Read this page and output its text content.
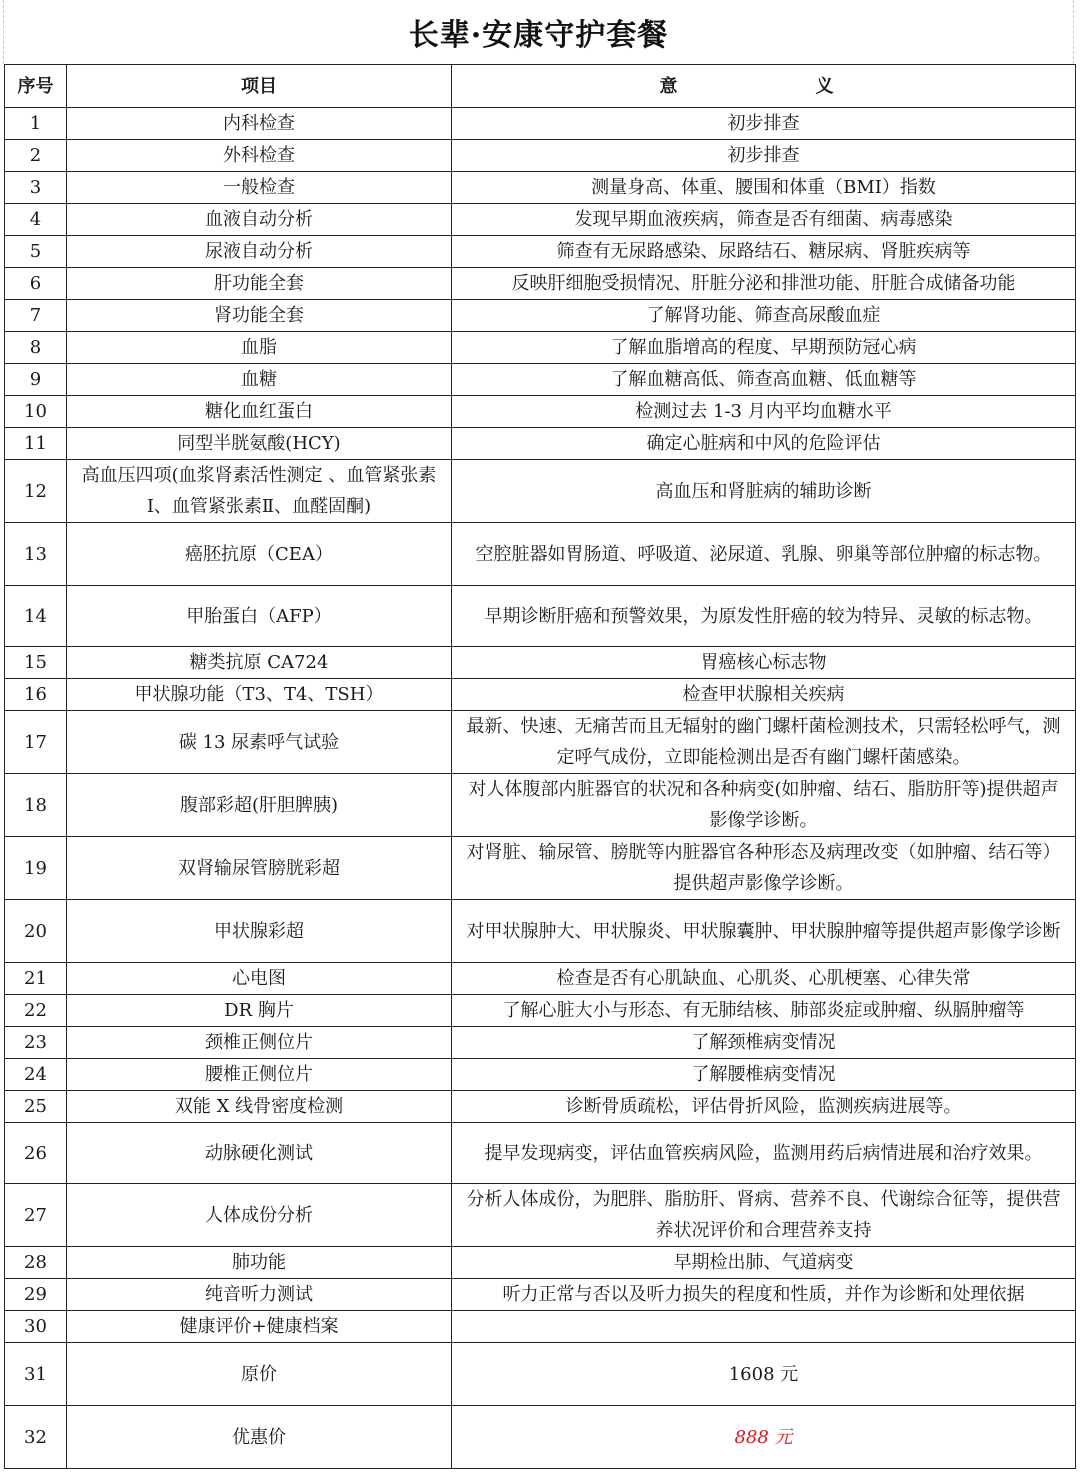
长辈·安康守护套餐
序号	项目	意　　义
1	内科检查	初步排查
2	外科检查	初步排查
3	一般检查	测量身高、体重、腰围和体重（BMI）指数
4	血液自动分析	发现早期血液疾病，筛查是否有细菌、病毒感染
5	尿液自动分析	筛查有无尿路感染、尿路结石、糖尿病、肾脏疾病等
6	肝功能全套	反映肝细胞受损情况、肝脏分泌和排泄功能、肝脏合成储备功能
7	肾功能全套	了解肾功能、筛查高尿酸血症
8	血脂	了解血脂增高的程度、早期预防冠心病
9	血糖	了解血糖高低、筛查高血糖、低血糖等
10	糖化血红蛋白	检测过去 1-3 月内平均血糖水平
11	同型半胱氨酸(HCY)	确定心脏病和中风的危险评估
12	高血压四项(血浆肾素活性测定 、血管紧张素 Ⅰ、血管紧张素Ⅱ、血醛固酮)	高血压和肾脏病的辅助诊断
13	癌胚抗原（CEA）	空腔脏器如胃肠道、呼吸道、泌尿道、乳腺、卵巢等部位肿瘤的标志物。
14	甲胎蛋白（AFP）	早期诊断肝癌和预警效果，为原发性肝癌的较为特异、灵敏的标志物。
15	糖类抗原 CA724	胃癌核心标志物
16	甲状腺功能（T3、T4、TSH）	检查甲状腺相关疾病
17	碳 13 尿素呼气试验	最新、快速、无痛苦而且无辐射的幽门螺杆菌检测技术，只需轻松呼气，测定呼气成份，立即能检测出是否有幽门螺杆菌感染。
18	腹部彩超(肝胆脾胰)	对人体腹部内脏器官的状况和各种病变(如肿瘤、结石、脂肪肝等)提供超声影像学诊断。
19	双肾输尿管膀胱彩超	对肾脏、输尿管、膀胱等内脏器官各种形态及病理改变（如肿瘤、结石等）提供超声影像学诊断。
20	甲状腺彩超	对甲状腺肿大、甲状腺炎、甲状腺囊肿、甲状腺肿瘤等提供超声影像学诊断
21	心电图	检查是否有心肌缺血、心肌炎、心肌梗塞、心律失常
22	DR 胸片	了解心脏大小与形态、有无肺结核、肺部炎症或肿瘤、纵膈肿瘤等
23	颈椎正侧位片	了解颈椎病变情况
24	腰椎正侧位片	了解腰椎病变情况
25	双能 X 线骨密度检测	诊断骨质疏松，评估骨折风险，监测疾病进展等。
26	动脉硬化测试	提早发现病变，评估血管疾病风险，监测用药后病情进展和治疗效果。
27	人体成份分析	分析人体成份，为肥胖、脂肪肝、肾病、营养不良、代谢综合征等，提供营养状况评价和合理营养支持
28	肺功能	早期检出肺、气道病变
29	纯音听力测试	听力正常与否以及听力损失的程度和性质，并作为诊断和处理依据
30	健康评价+健康档案	
31	原价	1608 元
32	优惠价	888 元
